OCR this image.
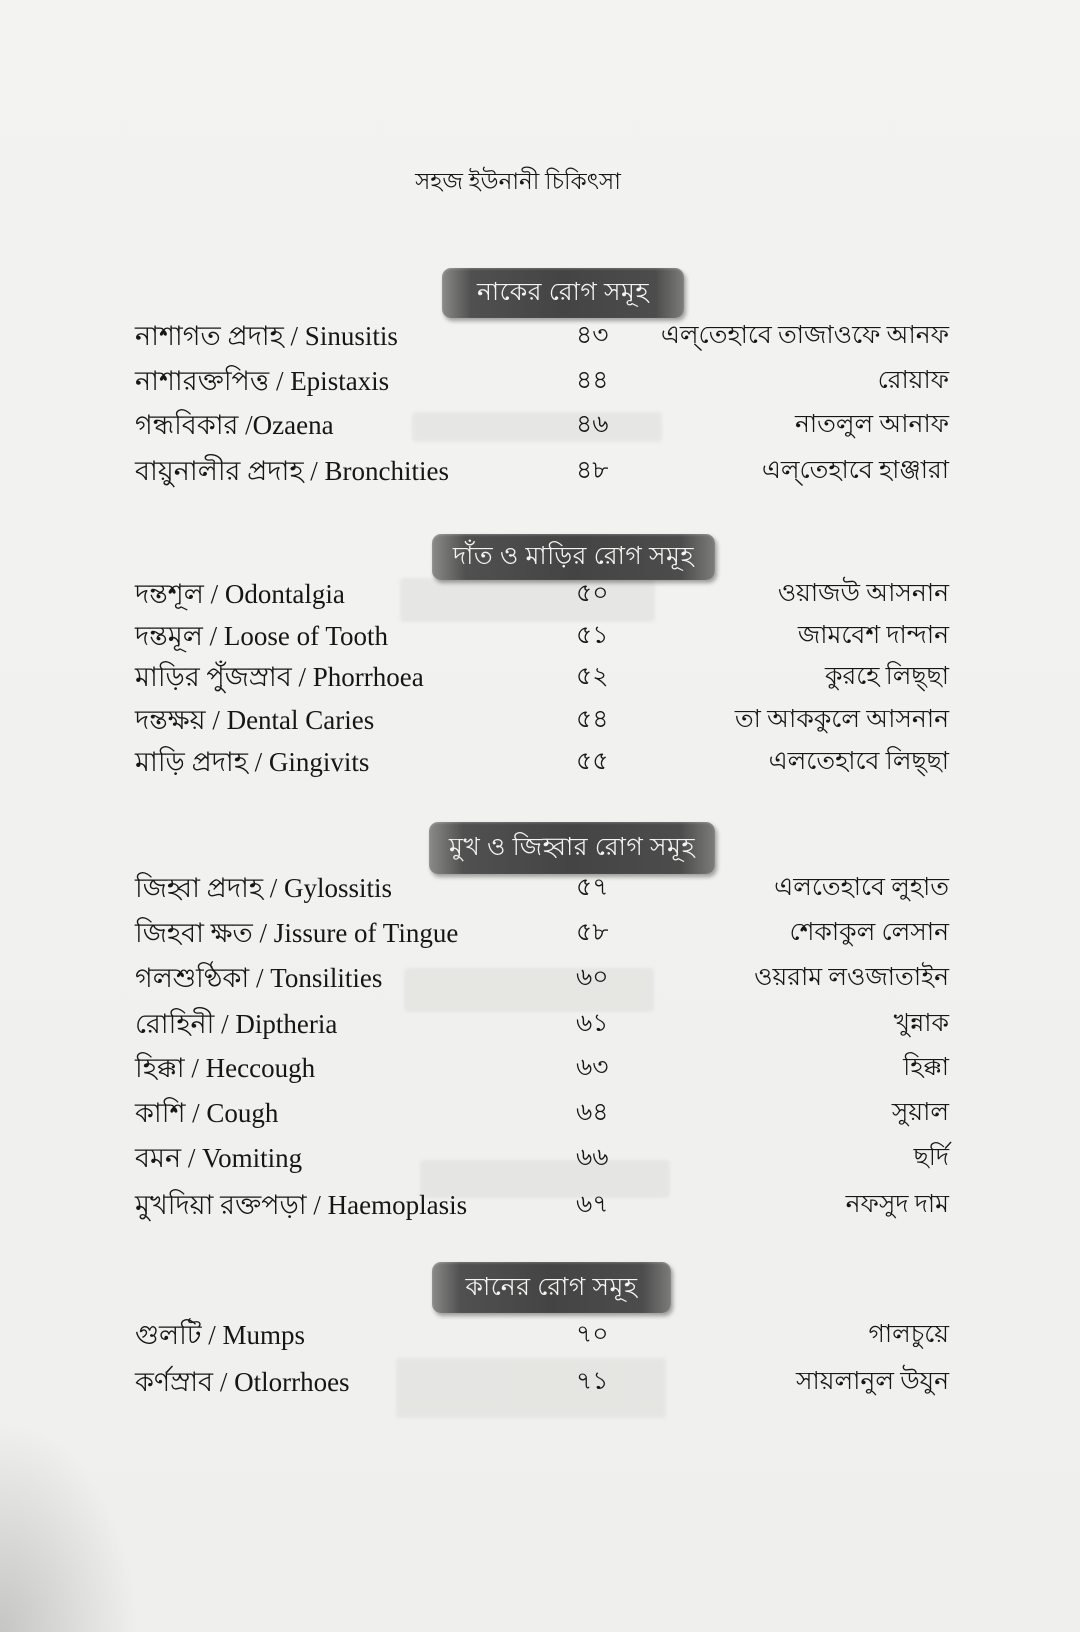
সহজ ইউনানী চিকিৎসা
নাকের রোগ সমূহ
নাশাগত প্রদাহ / Sinusitis	৪৩	এল্‌তেহাবে তাজাওফে আনফ
নাশারক্তপিত্ত / Epistaxis	৪৪	রোয়াফ
গন্ধবিকার /Ozaena	৪৬	নাতলুল আনাফ
বায়ুনালীর প্রদাহ / Bronchities	৪৮	এল্‌তেহাবে হাঞ্জারা
দাঁত ও মাড়ির রোগ সমূহ
দন্তশূল / Odontalgia	৫০	ওয়াজউ আসনান
দন্তমূল / Loose of Tooth	৫১	জামবেশ দান্দান
মাড়ির পুঁজস্রাব / Phorrhoea	৫২	কুরহে লিছ্ছা
দন্তক্ষয় / Dental Caries	৫৪	তা আককুলে আসনান
মাড়ি প্রদাহ / Gingivits	৫৫	এলতেহাবে লিছ্ছা
মুখ ও জিহ্বার রোগ সমূহ
জিহ্বা প্রদাহ / Gylossitis	৫৭	এলতেহাবে লুহাত
জিহবা ক্ষত / Jissure of Tingue	৫৮	শেকাকুল লেসান
গলশুণ্ঠিকা / Tonsilities	৬০	ওয়রাম লওজাতাইন
রোহিনী / Diptheria	৬১	খুন্নাক
হিক্কা / Heccough	৬৩	হিক্কা
কাশি / Cough	৬৪	সুয়াল
বমন / Vomiting	৬৬	ছর্দি
মুখদিয়া রক্তপড়া / Haemoplasis	৬৭	নফসুদ দাম
কানের রোগ সমূহ
গুলটি / Mumps	৭০	গালচুয়ে
কর্ণস্রাব / Otlorrhoes	৭১	সায়লানুল উযুন
